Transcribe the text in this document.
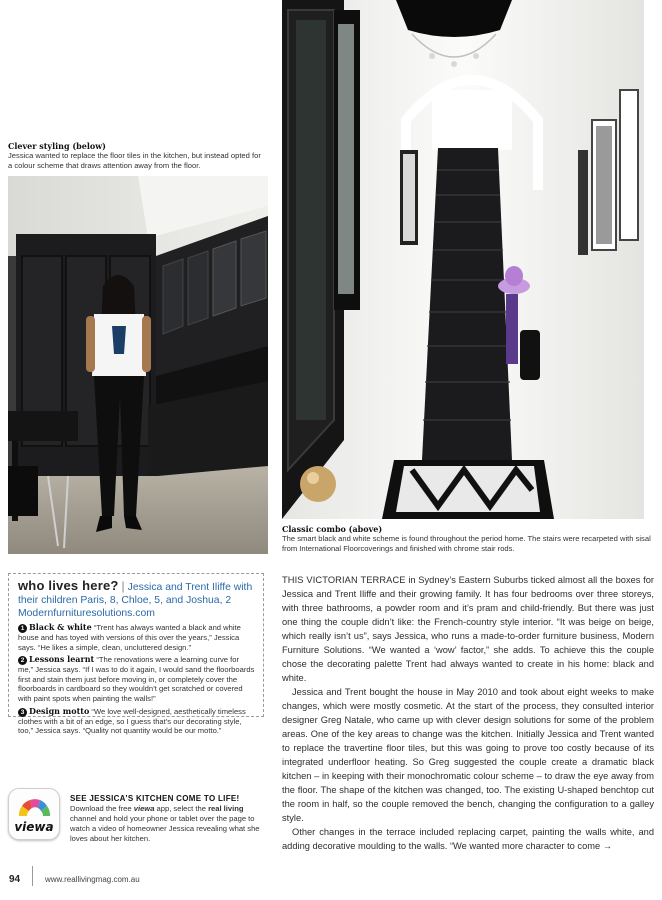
Clever styling (below)
Jessica wanted to replace the floor tiles in the kitchen, but instead opted for a colour scheme that draws attention away from the floor.
Classic combo (above)
The smart black and white scheme is found throughout the period home. The stairs were recarpeted with sisal from International Floorcoverings and finished with chrome stair rods.
who lives here? | Jessica and Trent Iliffe with their children Paris, 8, Chloe, 5, and Joshua, 2 Modernfurnituresolutions.com
1 Black & white “Trent has always wanted a black and white house and has toyed with versions of this over the years,” Jessica says. “He likes a simple, clean, uncluttered design.”
2 Lessons learnt “The renovations were a learning curve for me,” Jessica says. “If I was to do it again, I would sand the floorboards first and stain them just before moving in, or completely cover the floorboards in cardboard so they wouldn’t get scratched or covered with paint spots when painting the walls!”
3 Design motto “We love well-designed, aesthetically timeless clothes with a bit of an edge, so I guess that’s our decorating style, too,” Jessica says. “Quality not quantity would be our motto.”
viewa
SEE JESSICA’S KITCHEN COME TO LIFE!
Download the free viewa app, select the real living channel and hold your phone or tablet over the page to watch a video of homeowner Jessica revealing what she loves about her kitchen.

THIS VICTORIAN TERRACE in Sydney’s Eastern Suburbs ticked almost all the boxes for Jessica and Trent Iliffe and their growing family. It has four bedrooms over three storeys, with three bathrooms, a powder room and it’s pram and child-friendly. But there was just one thing the couple didn’t like: the French-country style interior. “It was beige on beige, which really isn’t us”, says Jessica, who runs a made-to-order furniture business, Modern Furniture Solutions. “We wanted a ‘wow’ factor,” she adds. To achieve this the couple chose the decorating palette Trent had always wanted to create in his home: black and white.

Jessica and Trent bought the house in May 2010 and took about eight weeks to make changes, which were mostly cosmetic. At the start of the process, they consulted interior designer Greg Natale, who came up with clever design solutions for some of the problem areas. One of the key areas to change was the kitchen. Initially Jessica and Trent wanted to replace the travertine floor tiles, but this was going to prove too costly because of its integrated underfloor heating. So Greg suggested the couple create a dramatic black kitchen – in keeping with their monochromatic colour scheme – to draw the eye away from the floor. The shape of the kitchen was changed, too. The existing U-shaped benchtop cut the room in half, so the couple removed the bench, changing the configuration to a galley style.

Other changes in the terrace included replacing carpet, painting the walls white, and adding decorative moulding to the walls. “We wanted more character to come →

94	www.reallivingmag.com.au
